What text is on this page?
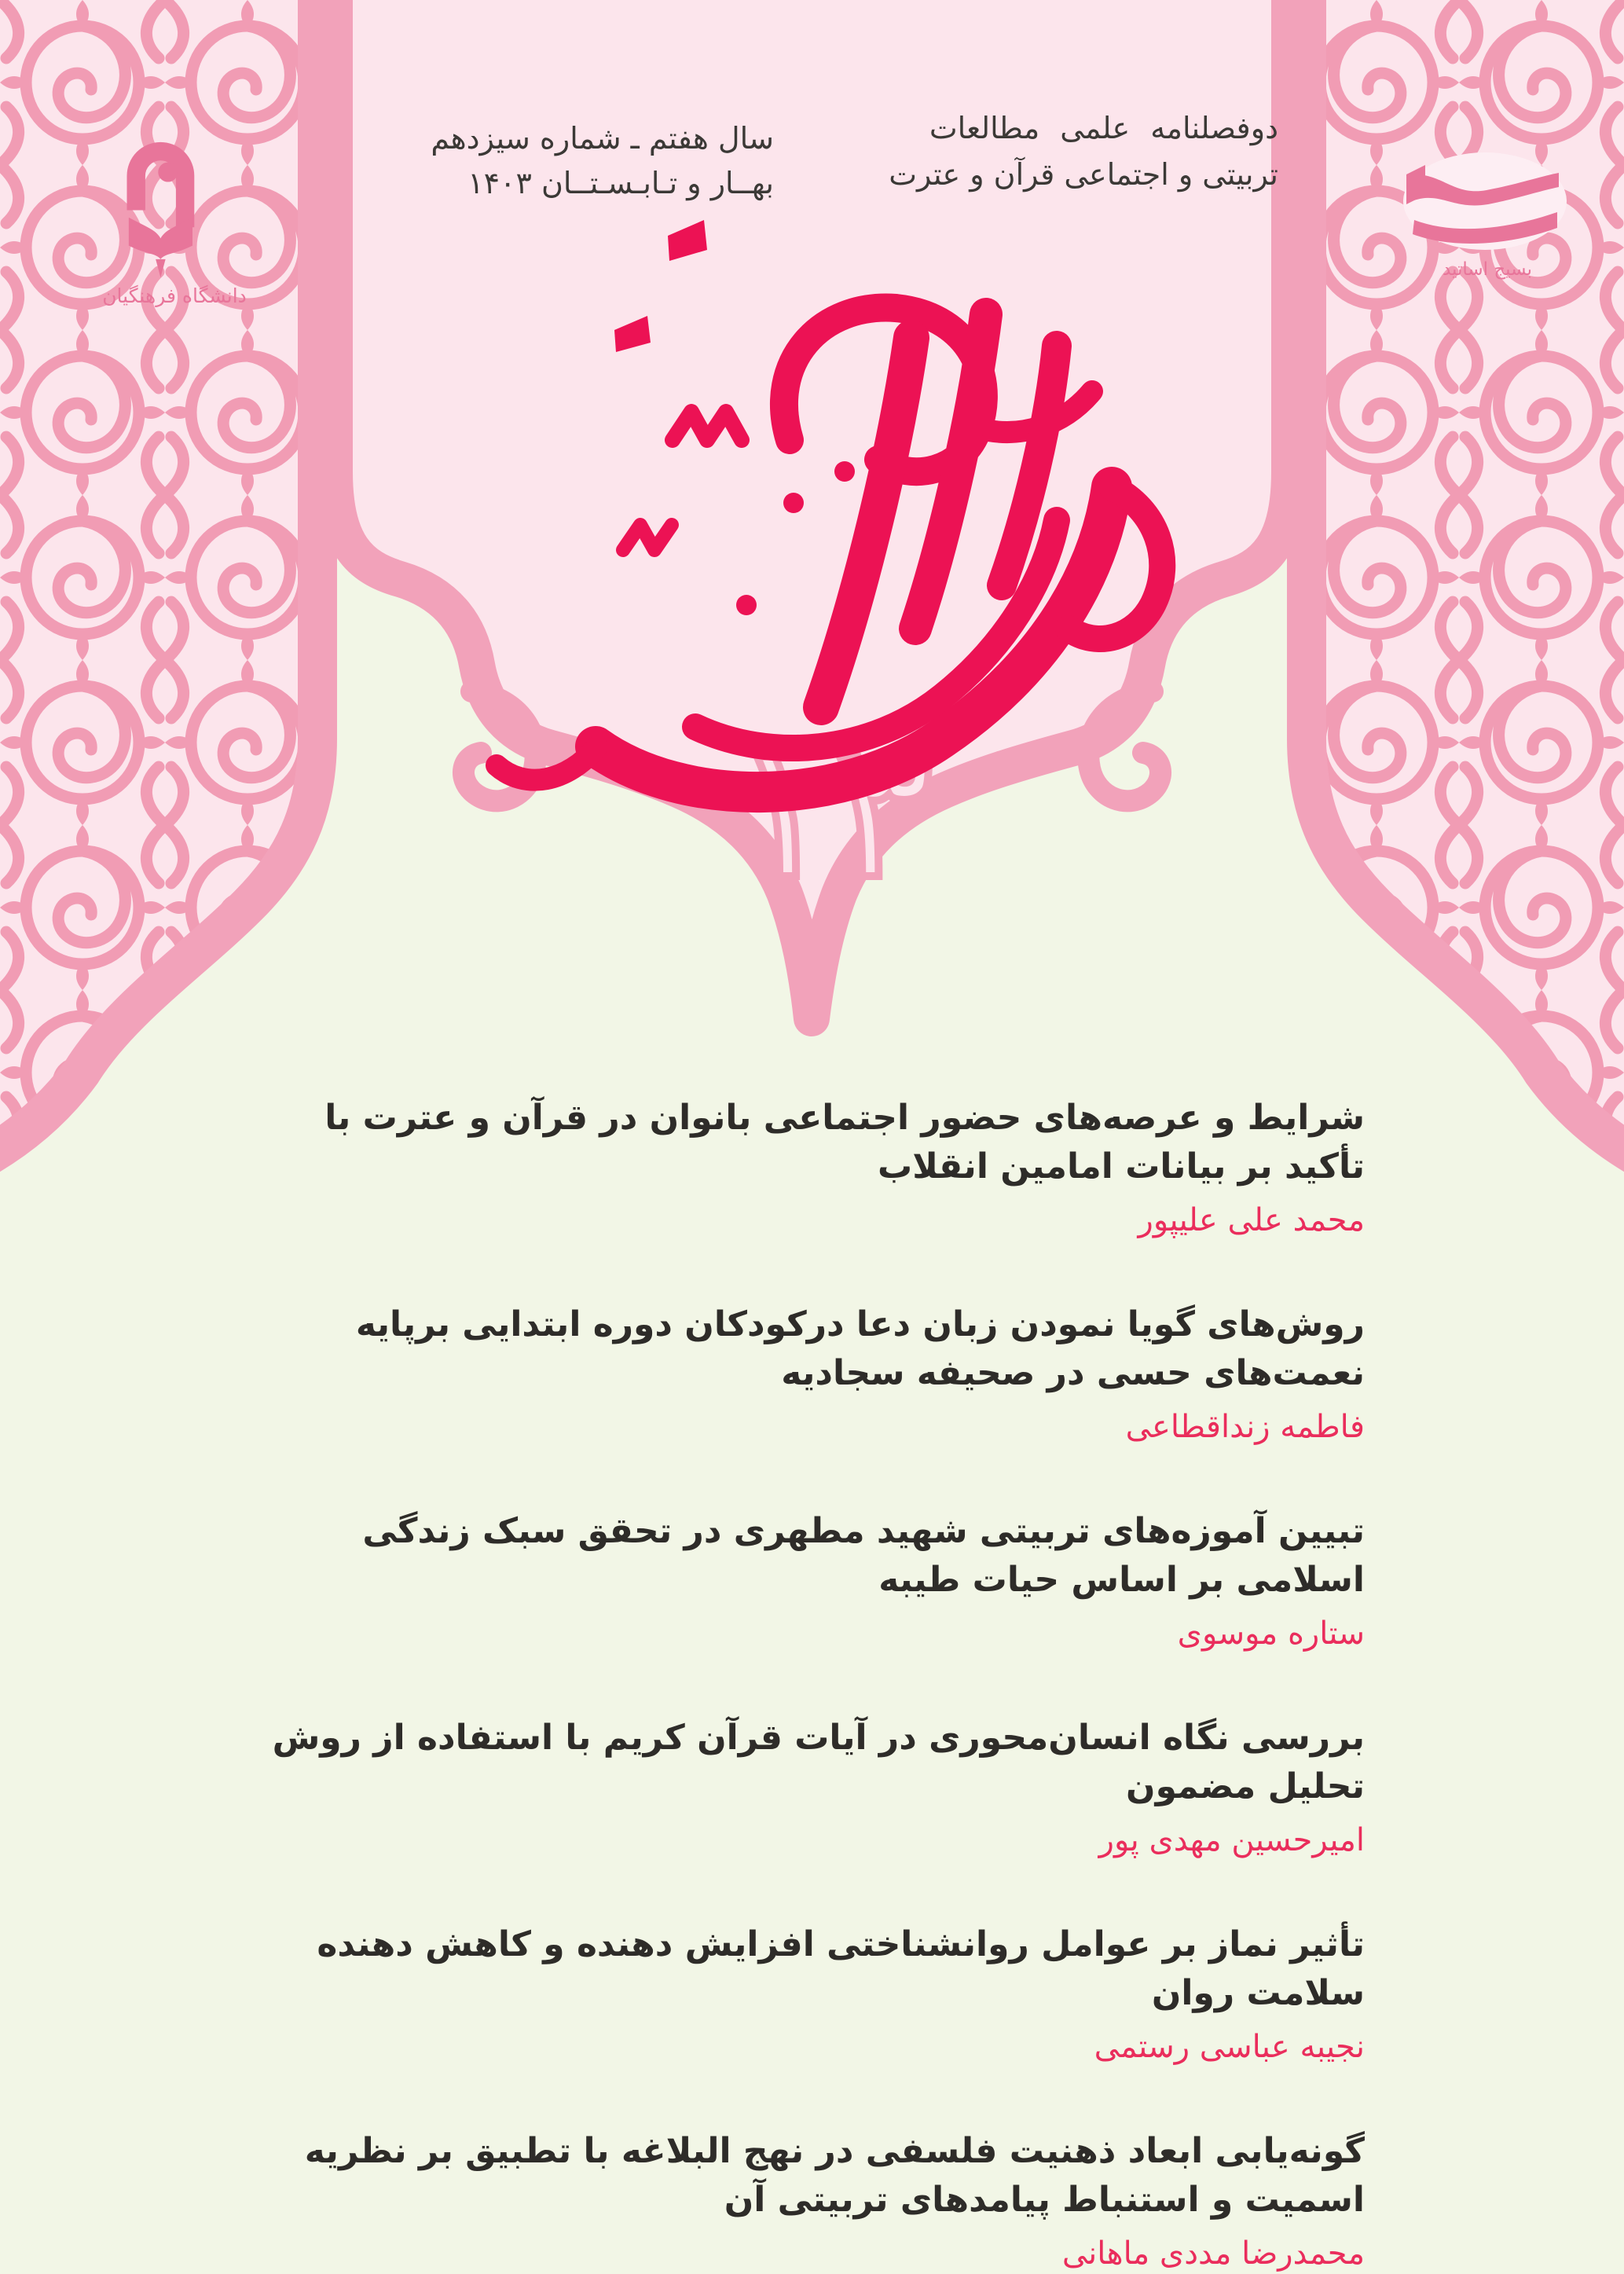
۱۳
سال هفتم ـ شماره سیزدهم
بهــار و تـابـسـتــان ۱۴۰۳
دوفصلنامه علمی مطالعات
تربیتی و اجتماعی قرآن و عترت
دانشگاه فرهنگیان
بسیج اساتید
شرایط و عرصه‌های حضور اجتماعی بانوان در قرآن و عترت با تأکید بر بیانات امامین انقلاب
محمد علی علیپور
روش‌های گویا نمودن زبان دعا درکودکان دوره ابتدایی برپایه نعمت‌های حسی در صحیفه سجادیه
فاطمه زنداقطاعی
تبیین آموزه‌های تربیتی شهید مطهری در تحقق سبک زندگی اسلامی بر اساس حیات طیبه
ستاره موسوی
بررسی نگاه انسان‌محوری در آیات قرآن کریم با استفاده از روش تحلیل مضمون
امیرحسین مهدی پور
تأثیر نماز بر عوامل روانشناختی افزایش دهنده و کاهش دهنده سلامت روان
نجیبه عباسی رستمی
گونه‌یابی ابعاد ذهنیت فلسفی در نهج البلاغه با تطبیق بر نظریه اسمیت و استنباط پیامدهای تربیتی آن
محمدرضا مددی ماهانی
